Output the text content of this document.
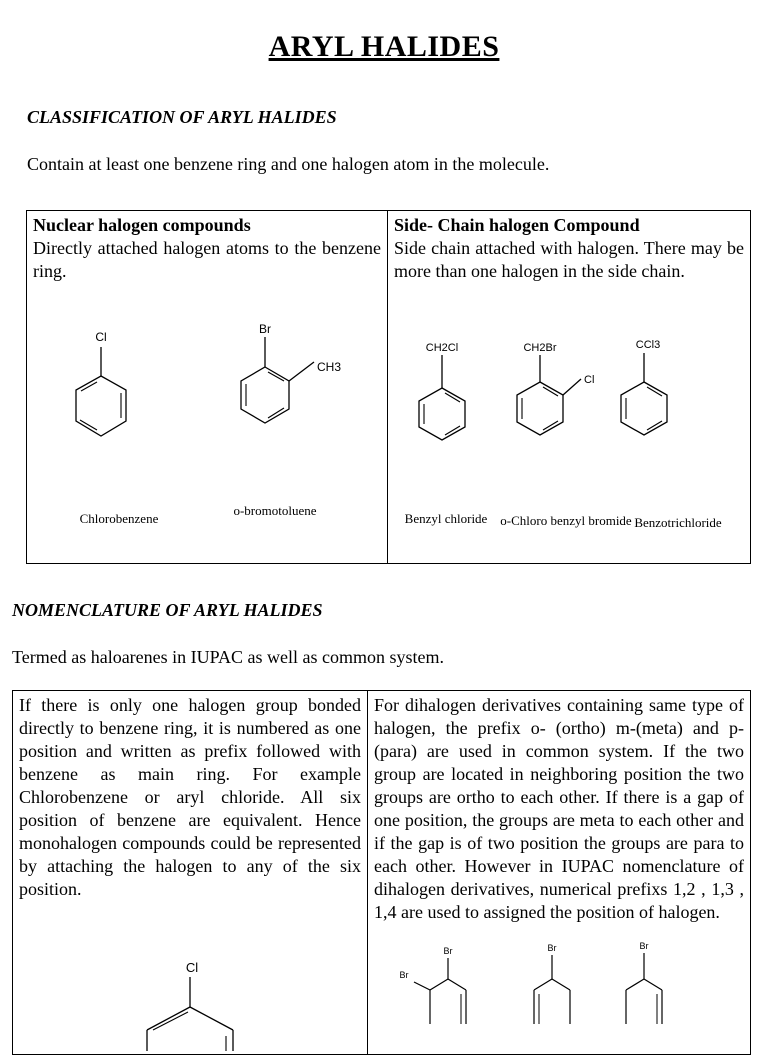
ARYL HALIDES
CLASSIFICATION OF ARYL HALIDES
Contain at least one benzene ring and one halogen atom in the molecule.
Nuclear halogen compounds
Directly attached halogen atoms to the benzene ring.
Cl
Chlorobenzene
Br
CH3
o-bromotoluene

Side- Chain halogen Compound
Side chain attached with halogen. There may be more than one halogen in the side chain.
CH2Cl
Benzyl chloride
CH2Br
Cl
o-Chloro benzyl bromide
CCl3
Benzotrichloride
NOMENCLATURE OF ARYL HALIDES
Termed as haloarenes in IUPAC as well as common system.
If there is only one halogen group bonded directly to benzene ring, it is numbered as one position and written as prefix followed with benzene as main ring. For example Chlorobenzene or aryl chloride. All six position of benzene are equivalent. Hence monohalogen compounds could be represented by attaching the halogen to any of the six position.
Cl

For dihalogen derivatives containing same type of halogen, the prefix o- (ortho) m-(meta) and p-(para) are used in common system. If the two group are located in neighboring position the two groups are ortho to each other. If there is a gap of one position, the groups are meta to each other and if the gap is of two position the groups are para to each other. However in IUPAC nomenclature of dihalogen derivatives, numerical prefixs 1,2 , 1,3 , 1,4 are used to assigned the position of halogen.
Br
Br
Br	Br
